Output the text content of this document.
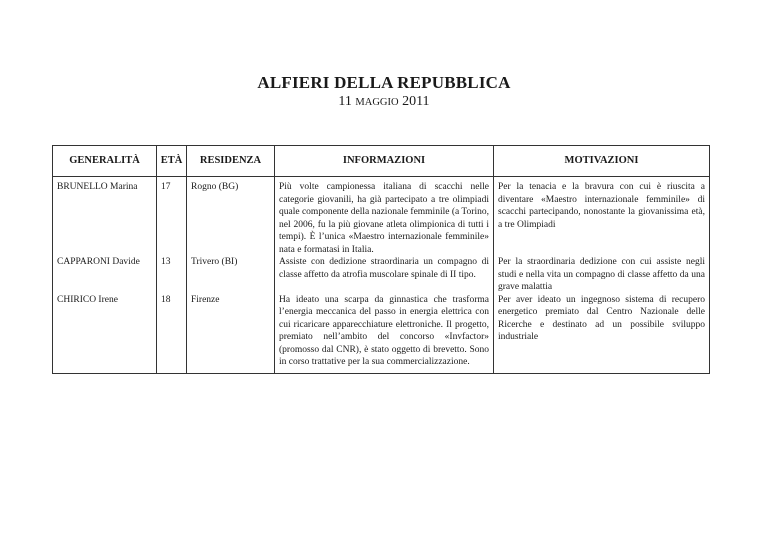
ALFIERI DELLA REPUBBLICA
11 MAGGIO 2011
GENERALITÀ	ETÀ	RESIDENZA	INFORMAZIONI	MOTIVAZIONI
BRUNELLO Marina	17	Rogno (BG)	Più volte campionessa italiana di scacchi nelle categorie giovanili, ha già partecipato a tre olimpiadi quale componente della nazionale femminile (a Torino, nel 2006, fu la più giovane atleta olimpionica di tutti i tempi). È l’unica «Maestro internazionale femminile» nata e formatasi in Italia.	Per la tenacia e la bravura con cui è riuscita a diventare «Maestro internazionale femminile» di scacchi partecipando, nonostante la giovanissima età, a tre Olimpiadi
CAPPARONI Davide	13	Trivero (BI)	Assiste con dedizione straordinaria un compagno di classe affetto da atrofia muscolare spinale di II tipo.	Per la straordinaria dedizione con cui assiste negli studi e nella vita un compagno di classe affetto da una grave malattia
CHIRICO Irene	18	Firenze	Ha ideato una scarpa da ginnastica che trasforma l’energia meccanica del passo in energia elettrica con cui ricaricare apparecchiature elettroniche. Il progetto, premiato nell’ambito del concorso «Invfactor» (promosso dal CNR), è stato oggetto di brevetto. Sono in corso trattative per la sua commercializzazione.	Per aver ideato un ingegnoso sistema di recupero energetico premiato dal Centro Nazionale delle Ricerche e destinato ad un possibile sviluppo industriale
